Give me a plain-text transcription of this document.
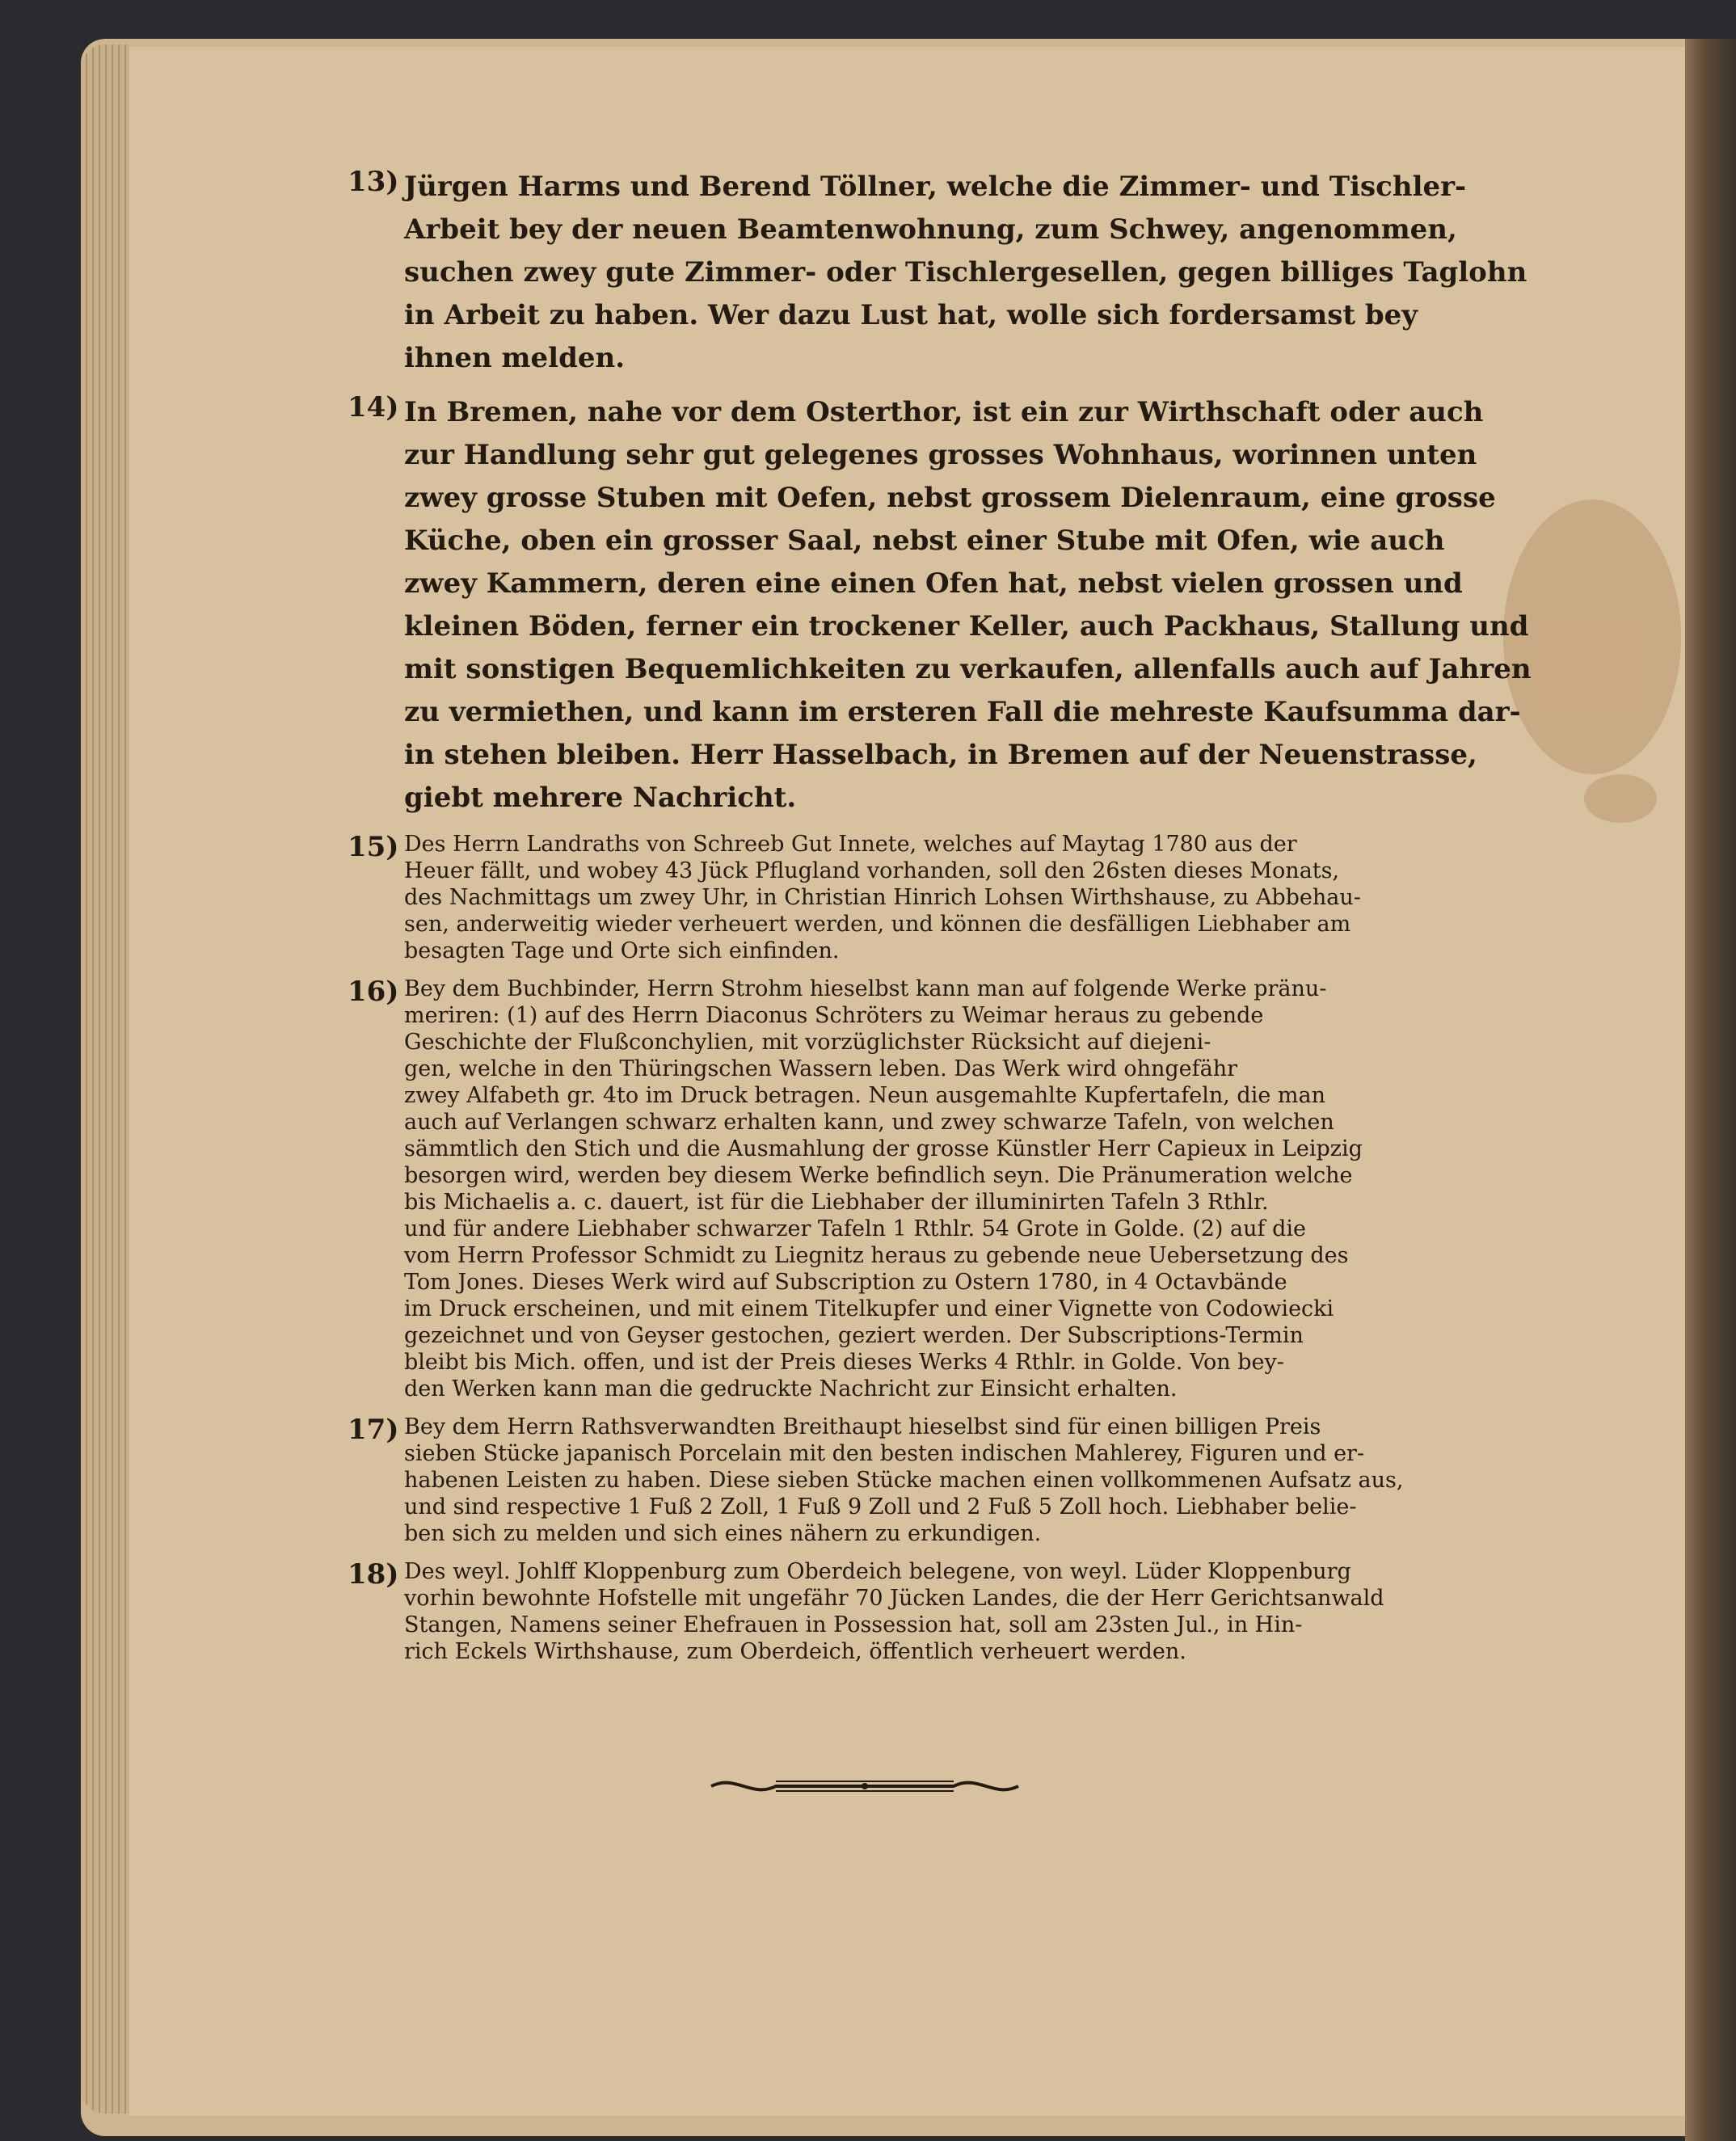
13) Jürgen Harms und Berend Töllner, welche die Zimmer- und Tischler-
Arbeit bey der neuen Beamtenwohnung, zum Schwey, angenommen,
suchen zwey gute Zimmer- oder Tischlergesellen, gegen billiges Taglohn
in Arbeit zu haben. Wer dazu Lust hat, wolle sich fordersamst bey
ihnen melden.
14) In Bremen, nahe vor dem Osterthor, ist ein zur Wirthschaft oder auch
zur Handlung sehr gut gelegenes grosses Wohnhaus, worinnen unten
zwey grosse Stuben mit Oefen, nebst grossem Dielenraum, eine grosse
Küche, oben ein grosser Saal, nebst einer Stube mit Ofen, wie auch
zwey Kammern, deren eine einen Ofen hat, nebst vielen grossen und
kleinen Böden, ferner ein trockener Keller, auch Packhaus, Stallung und
mit sonstigen Bequemlichkeiten zu verkaufen, allenfalls auch auf Jahren
zu vermiethen, und kann im ersteren Fall die mehreste Kaufsumma dar-
in stehen bleiben. Herr Hasselbach, in Bremen auf der Neuenstrasse,
giebt mehrere Nachricht.
15) Des Herrn Landraths von Schreeb Gut Innete, welches auf Maytag 1780 aus der
Heuer fällt, und wobey 43 Jück Pflugland vorhanden, soll den 26sten dieses Monats,
des Nachmittags um zwey Uhr, in Christian Hinrich Lohsen Wirthshause, zu Abbehau-
sen, anderweitig wieder verheuert werden, und können die desfälligen Liebhaber am
besagten Tage und Orte sich einfinden.
16) Bey dem Buchbinder, Herrn Strohm hieselbst kann man auf folgende Werke pränu-
meriren: (1) auf des Herrn Diaconus Schröters zu Weimar heraus zu gebende
Geschichte der Flußconchylien, mit vorzüglichster Rücksicht auf diejeni-
gen, welche in den Thüringschen Wassern leben. Das Werk wird ohngefähr
zwey Alfabeth gr. 4to im Druck betragen. Neun ausgemahlte Kupfertafeln, die man
auch auf Verlangen schwarz erhalten kann, und zwey schwarze Tafeln, von welchen
sämmtlich den Stich und die Ausmahlung der grosse Künstler Herr Capieux in Leipzig
besorgen wird, werden bey diesem Werke befindlich seyn. Die Pränumeration welche
bis Michaelis a. c. dauert, ist für die Liebhaber der illuminirten Tafeln 3 Rthlr.
und für andere Liebhaber schwarzer Tafeln 1 Rthlr. 54 Grote in Golde. (2) auf die
vom Herrn Professor Schmidt zu Liegnitz heraus zu gebende neue Uebersetzung des
Tom Jones. Dieses Werk wird auf Subscription zu Ostern 1780, in 4 Octavbände
im Druck erscheinen, und mit einem Titelkupfer und einer Vignette von Codowiecki
gezeichnet und von Geyser gestochen, geziert werden. Der Subscriptions-Termin
bleibt bis Mich. offen, und ist der Preis dieses Werks 4 Rthlr. in Golde. Von bey-
den Werken kann man die gedruckte Nachricht zur Einsicht erhalten.
17) Bey dem Herrn Rathsverwandten Breithaupt hieselbst sind für einen billigen Preis
sieben Stücke japanisch Porcelain mit den besten indischen Mahlerey, Figuren und er-
habenen Leisten zu haben. Diese sieben Stücke machen einen vollkommenen Aufsatz aus,
und sind respective 1 Fuß 2 Zoll, 1 Fuß 9 Zoll und 2 Fuß 5 Zoll hoch. Liebhaber belie-
ben sich zu melden und sich eines nähern zu erkundigen.
18) Des weyl. Johlff Kloppenburg zum Oberdeich belegene, von weyl. Lüder Kloppenburg
vorhin bewohnte Hofstelle mit ungefähr 70 Jücken Landes, die der Herr Gerichtsanwald
Stangen, Namens seiner Ehefrauen in Possession hat, soll am 23sten Jul., in Hin-
rich Eckels Wirthshause, zum Oberdeich, öffentlich verheuert werden.
